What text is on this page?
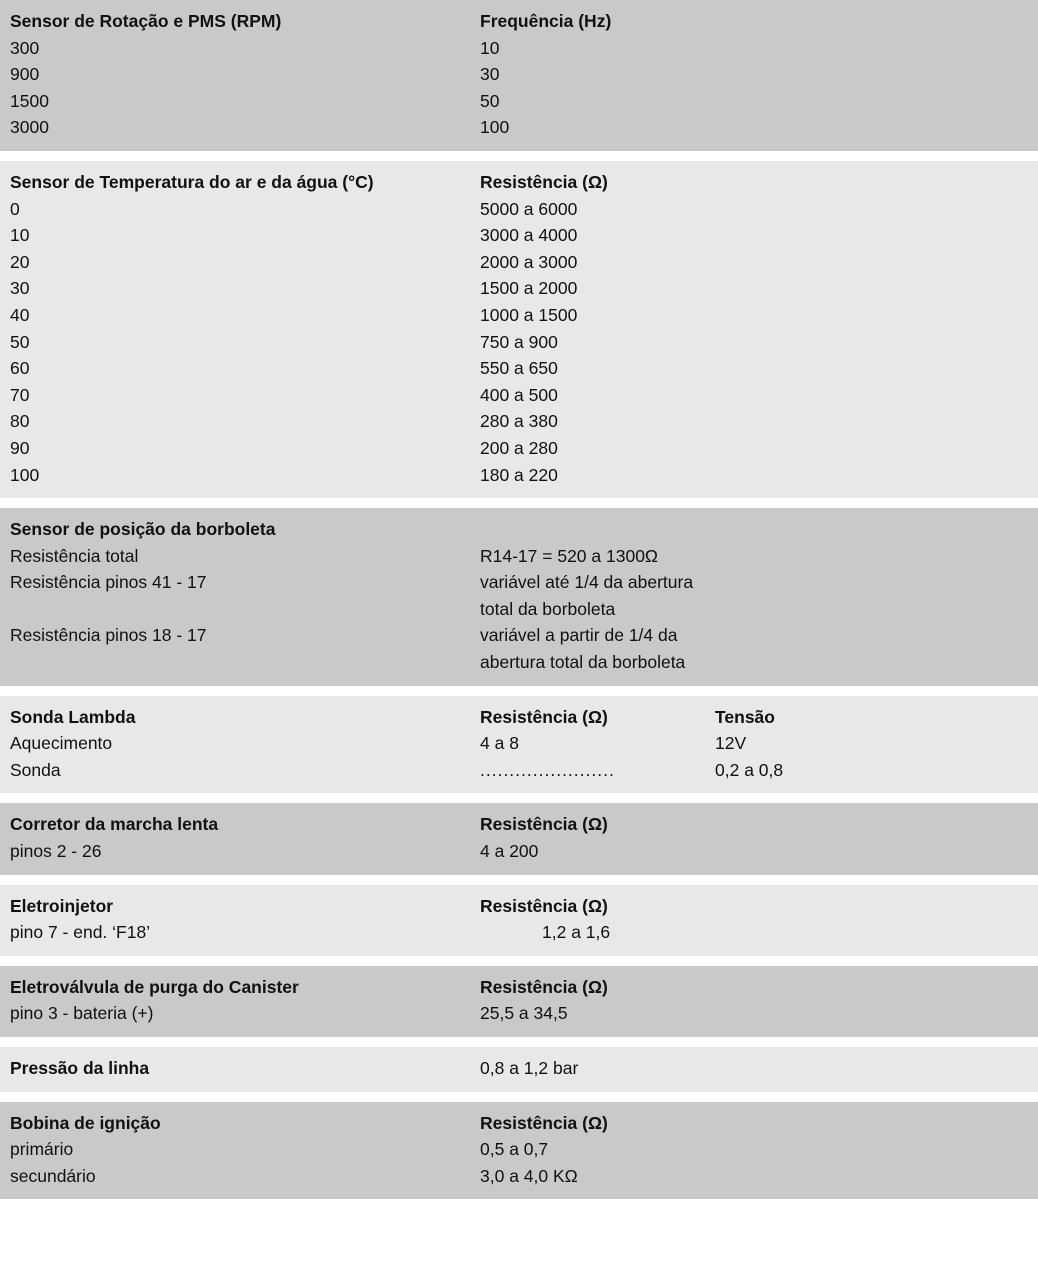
Sensor de Rotação e PMS (RPM)	Frequência (Hz)
300	10
900	30
1500	50
3000	100
Sensor de Temperatura do ar e da água (°C)	Resistência (Ω)
0	5000 a 6000
10	3000 a 4000
20	2000 a 3000
30	1500 a 2000
40	1000 a 1500
50	750 a 900
60	550 a 650
70	400 a 500
80	280 a 380
90	200 a 280
100	180 a 220
Sensor de posição da borboleta
Resistência total	R14-17 = 520 a 1300Ω
Resistência pinos 41 - 17	variável até 1/4 da abertura total da borboleta
Resistência pinos 18 - 17	variável a partir de 1/4 da abertura total da borboleta
Sonda Lambda	Resistência (Ω)	Tensão
Aquecimento	4 a 8	12V
Sonda	.......................	0,2 a 0,8
Corretor da marcha lenta	Resistência (Ω)
pinos 2 - 26	4 a 200
Eletroinjetor	Resistência (Ω)
pino 7 - end. ‘F18’	1,2 a 1,6
Eletroválvula de purga do Canister	Resistência (Ω)
pino 3 - bateria (+)	25,5 a 34,5
Pressão da linha	0,8 a 1,2 bar
Bobina de ignição	Resistência (Ω)
primário	0,5 a 0,7
secundário	3,0 a 4,0 KΩ
